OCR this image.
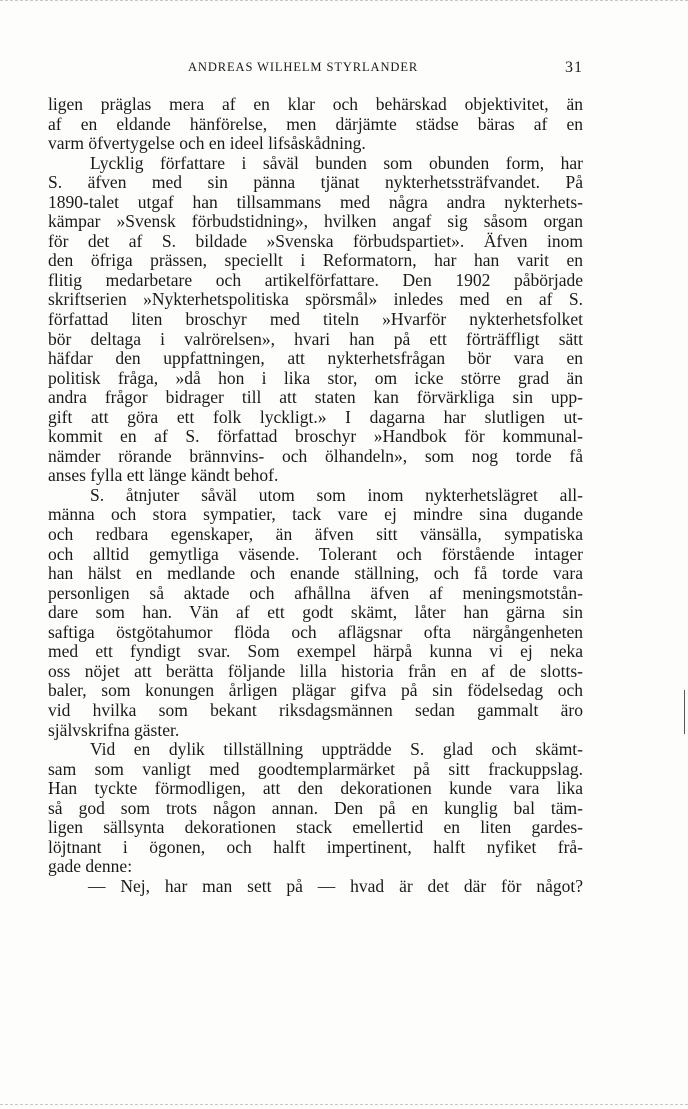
ANDREAS WILHELM STYRLANDER	31
ligen präglas mera af en klar och behärskad objektivitet, än
af en eldande hänförelse, men därjämte städse bäras af en
varm öfvertygelse och en ideel lifsåskådning.
Lycklig författare i såväl bunden som obunden form, har
S. äfven med sin pänna tjänat nykterhetssträfvandet. På
1890-talet utgaf han tillsammans med några andra nykterhets-
kämpar »Svensk förbudstidning», hvilken angaf sig såsom organ
för det af S. bildade »Svenska förbudspartiet». Äfven inom
den öfriga prässen, speciellt i Reformatorn, har han varit en
flitig medarbetare och artikelförfattare. Den 1902 påbörjade
skriftserien »Nykterhetspolitiska spörsmål» inledes med en af S.
författad liten broschyr med titeln »Hvarför nykterhetsfolket
bör deltaga i valrörelsen», hvari han på ett förträffligt sätt
häfdar den uppfattningen, att nykterhetsfrågan bör vara en
politisk fråga, »då hon i lika stor, om icke större grad än
andra frågor bidrager till att staten kan förvärkliga sin upp-
gift att göra ett folk lyckligt.» I dagarna har slutligen ut-
kommit en af S. författad broschyr »Handbok för kommunal-
nämder rörande brännvins- och ölhandeln», som nog torde få
anses fylla ett länge kändt behof.
S. åtnjuter såväl utom som inom nykterhetslägret all-
männa och stora sympatier, tack vare ej mindre sina dugande
och redbara egenskaper, än äfven sitt vänsälla, sympatiska
och alltid gemytliga väsende. Tolerant och förstående intager
han hälst en medlande och enande ställning, och få torde vara
personligen så aktade och afhållna äfven af meningsmotstån-
dare som han. Vän af ett godt skämt, låter han gärna sin
saftiga östgötahumor flöda och aflägsnar ofta närgångenheten
med ett fyndigt svar. Som exempel härpå kunna vi ej neka
oss nöjet att berätta följande lilla historia från en af de slotts-
baler, som konungen årligen plägar gifva på sin födelsedag och
vid hvilka som bekant riksdagsmännen sedan gammalt äro
självskrifna gäster.
Vid en dylik tillställning uppträdde S. glad och skämt-
sam som vanligt med goodtemplarmärket på sitt frackuppslag.
Han tyckte förmodligen, att den dekorationen kunde vara lika
så god som trots någon annan. Den på en kunglig bal täm-
ligen sällsynta dekorationen stack emellertid en liten gardes-
löjtnant i ögonen, och halft impertinent, halft nyfiket frå-
gade denne:
— Nej, har man sett på — hvad är det där för något?
